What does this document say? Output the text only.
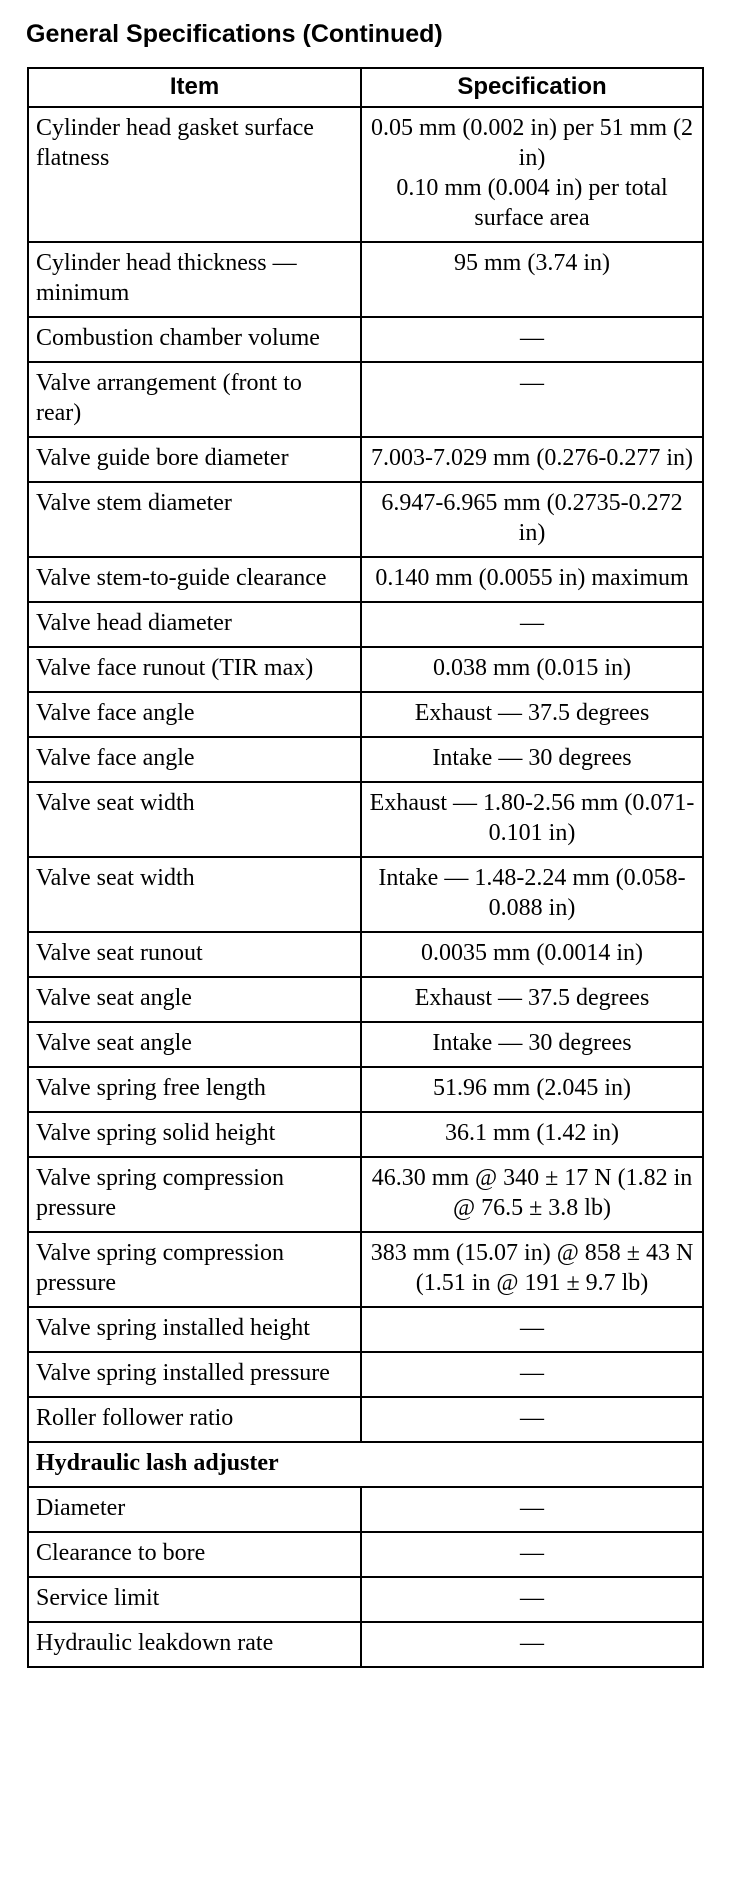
General Specifications (Continued)
Item	Specification
Cylinder head gasket surface flatness	0.05 mm (0.002 in) per 51 mm (2 in)
0.10 mm (0.004 in) per total surface area
Cylinder head thickness — minimum	95 mm (3.74 in)
Combustion chamber volume	—
Valve arrangement (front to rear)	—
Valve guide bore diameter	7.003-7.029 mm (0.276-0.277 in)
Valve stem diameter	6.947-6.965 mm (0.2735-0.272 in)
Valve stem-to-guide clearance	0.140 mm (0.0055 in) maximum
Valve head diameter	—
Valve face runout (TIR max)	0.038 mm (0.015 in)
Valve face angle	Exhaust — 37.5 degrees
Valve face angle	Intake — 30 degrees
Valve seat width	Exhaust — 1.80-2.56 mm (0.071-0.101 in)
Valve seat width	Intake — 1.48-2.24 mm (0.058-0.088 in)
Valve seat runout	0.0035 mm (0.0014 in)
Valve seat angle	Exhaust — 37.5 degrees
Valve seat angle	Intake — 30 degrees
Valve spring free length	51.96 mm (2.045 in)
Valve spring solid height	36.1 mm (1.42 in)
Valve spring compression pressure	46.30 mm @ 340 ± 17 N (1.82 in @ 76.5 ± 3.8 lb)
Valve spring compression pressure	383 mm (15.07 in) @ 858 ± 43 N (1.51 in @ 191 ± 9.7 lb)
Valve spring installed height	—
Valve spring installed pressure	—
Roller follower ratio	—
Hydraulic lash adjuster	
Diameter	—
Clearance to bore	—
Service limit	—
Hydraulic leakdown rate	—
